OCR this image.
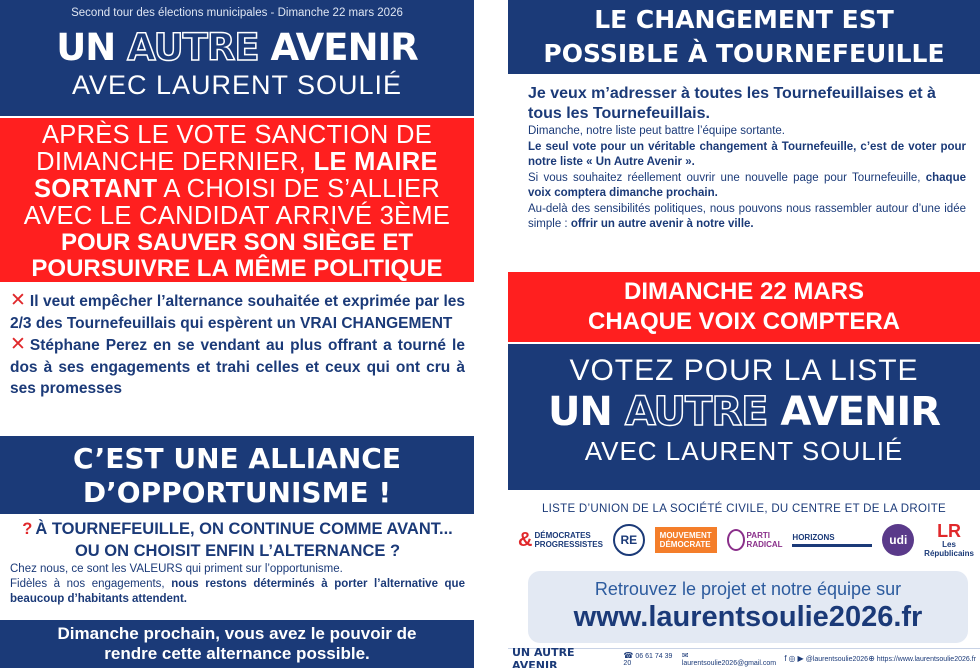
Second tour des élections municipales - Dimanche 22 mars 2026
UN AUTRE AVENIR
AVEC LAURENT SOULIÉ
APRÈS LE VOTE SANCTION DE
DIMANCHE DERNIER, LE MAIRE
SORTANT A CHOISI DE S’ALLIER
AVEC LE CANDIDAT ARRIVÉ 3ÈME
POUR SAUVER SON SIÈGE ET
POURSUIVRE LA MÊME POLITIQUE
✕ Il veut empêcher l’alternance souhaitée et exprimée par les 2/3 des Tournefeuillais qui espèrent un VRAI CHANGEMENT
✕ Stéphane Perez en se vendant au plus offrant a tourné le dos à ses engagements et trahi celles et ceux qui ont cru à ses promesses
C’EST UNE ALLIANCE
D’OPPORTUNISME !
? À TOURNEFEUILLE, ON CONTINUE COMME AVANT... OU ON CHOISIT ENFIN L’ALTERNANCE ?
Chez nous, ce sont les VALEURS qui priment sur l’opportunisme.
Fidèles à nos engagements, nous restons déterminés à porter l’alternative que beaucoup d’habitants attendent.
Dimanche prochain, vous avez le pouvoir de
rendre cette alternance possible.
LE CHANGEMENT EST
POSSIBLE À TOURNEFEUILLE
Je veux m’adresser à toutes les Tournefeuillaises et à tous les Tournefeuillais.
Dimanche, notre liste peut battre l’équipe sortante.
Le seul vote pour un véritable changement à Tournefeuille, c’est de voter pour notre liste « Un Autre Avenir ».
Si vous souhaitez réellement ouvrir une nouvelle page pour Tournefeuille, chaque voix comptera dimanche prochain.
Au-delà des sensibilités politiques, nous pouvons nous rassembler autour d’une idée simple : offrir un autre avenir à notre ville.
DIMANCHE 22 MARS
CHAQUE VOIX COMPTERA
VOTEZ POUR LA LISTE
UN AUTRE AVENIR
AVEC LAURENT SOULIÉ
LISTE D’UNION DE LA SOCIÉTÉ CIVILE, DU CENTRE ET DE LA DROITE
& DÉMOCRATES
PROGRESSISTES	RE	MOUVEMENT
DÉMOCRATE
PARTI
RADICAL
HORIZONS	udi	LR
Les
Républicains
Retrouvez le projet et notre équipe sur
www.laurentsoulie2026.fr
UN AUTRE AVENIR
☎ 06 61 74 39 20
✉laurentsoulie2026@gmail.com	f ◎ ▶ @laurentsoulie2026 ⊕ https://www.laurentsoulie2026.fr
